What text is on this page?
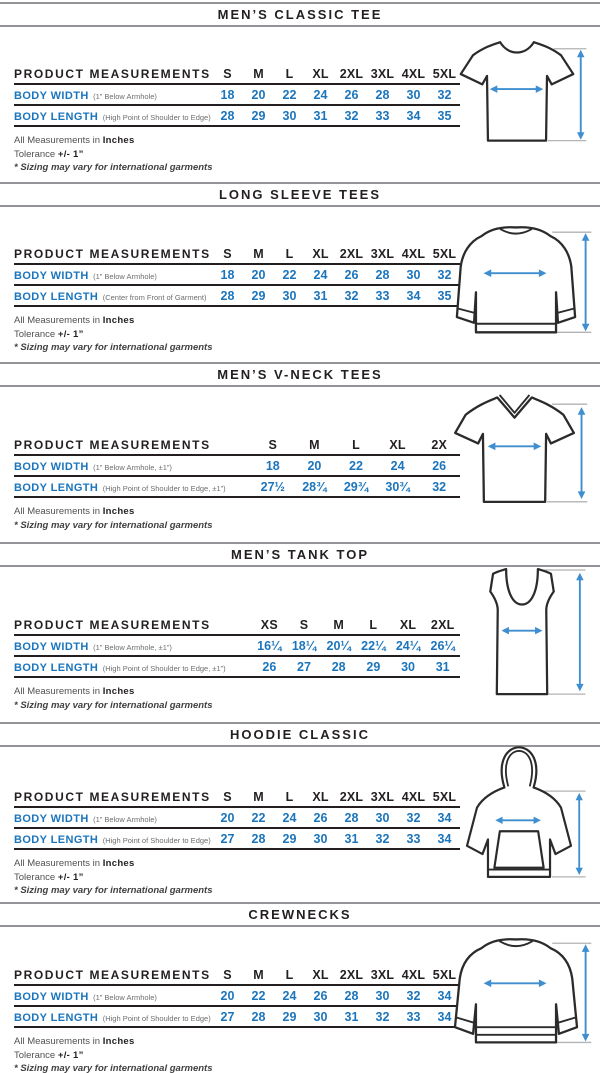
MEN’S CLASSIC TEE
PRODUCT MEASUREMENTS	S	M	L	XL 2XL 3XL 4XL 5XL
BODY WIDTH (1” Below Armhole)	18	20	22	24	26	28	30	32
BODY LENGTH (High Point of Shoulder to Edge) 28	29	30	31	32	33	34	35
All Measurements in Inches
Tolerance +/- 1”
* Sizing may vary for international garments
LONG SLEEVE TEES
PRODUCT MEASUREMENTS	S	M	L	XL 2XL 3XL 4XL 5XL
BODY WIDTH (1” Below Armhole)	18	20	22	24	26	28	30	32
BODY LENGTH (Center from Front of Garment)	28	29	30	31	32	33	34	35
All Measurements in Inches
Tolerance +/- 1”
* Sizing may vary for international garments
MEN’S V-NECK TEES
PRODUCT MEASUREMENTS	S	M	L	XL	2X
BODY WIDTH (1” Below Armhole, ±1”)	18	20	22	24	26
BODY LENGTH (High Point of Shoulder to Edge, ±1”)	27½	28¾	29¾	30¾	32
All Measurements in Inches
* Sizing may vary for international garments
MEN’S TANK TOP
PRODUCT MEASUREMENTS	XS	S	M	L	XL	2XL
BODY WIDTH (1” Below Armhole, ±1”)	16¼ 18¼ 20¼ 22¼ 24¼ 26¼
BODY LENGTH (High Point of Shoulder to Edge, ±1”)	26	27	28	29	30	31
All Measurements in Inches
* Sizing may vary for international garments
HOODIE CLASSIC
PRODUCT MEASUREMENTS	S	M	L	XL 2XL 3XL 4XL 5XL
BODY WIDTH (1” Below Armhole)	20	22	24	26	28	30	32	34
BODY LENGTH (High Point of Shoulder to Edge) 27	28	29	30	31	32	33	34
All Measurements in Inches
Tolerance +/- 1”
* Sizing may vary for international garments
CREWNECKS
PRODUCT MEASUREMENTS	S	M	L	XL 2XL 3XL 4XL 5XL
BODY WIDTH (1” Below Armhole)	20	22	24	26	28	30	32	34
BODY LENGTH (High Point of Shoulder to Edge) 27	28	29	30	31	32	33	34
All Measurements in Inches
Tolerance +/- 1”
* Sizing may vary for international garments
